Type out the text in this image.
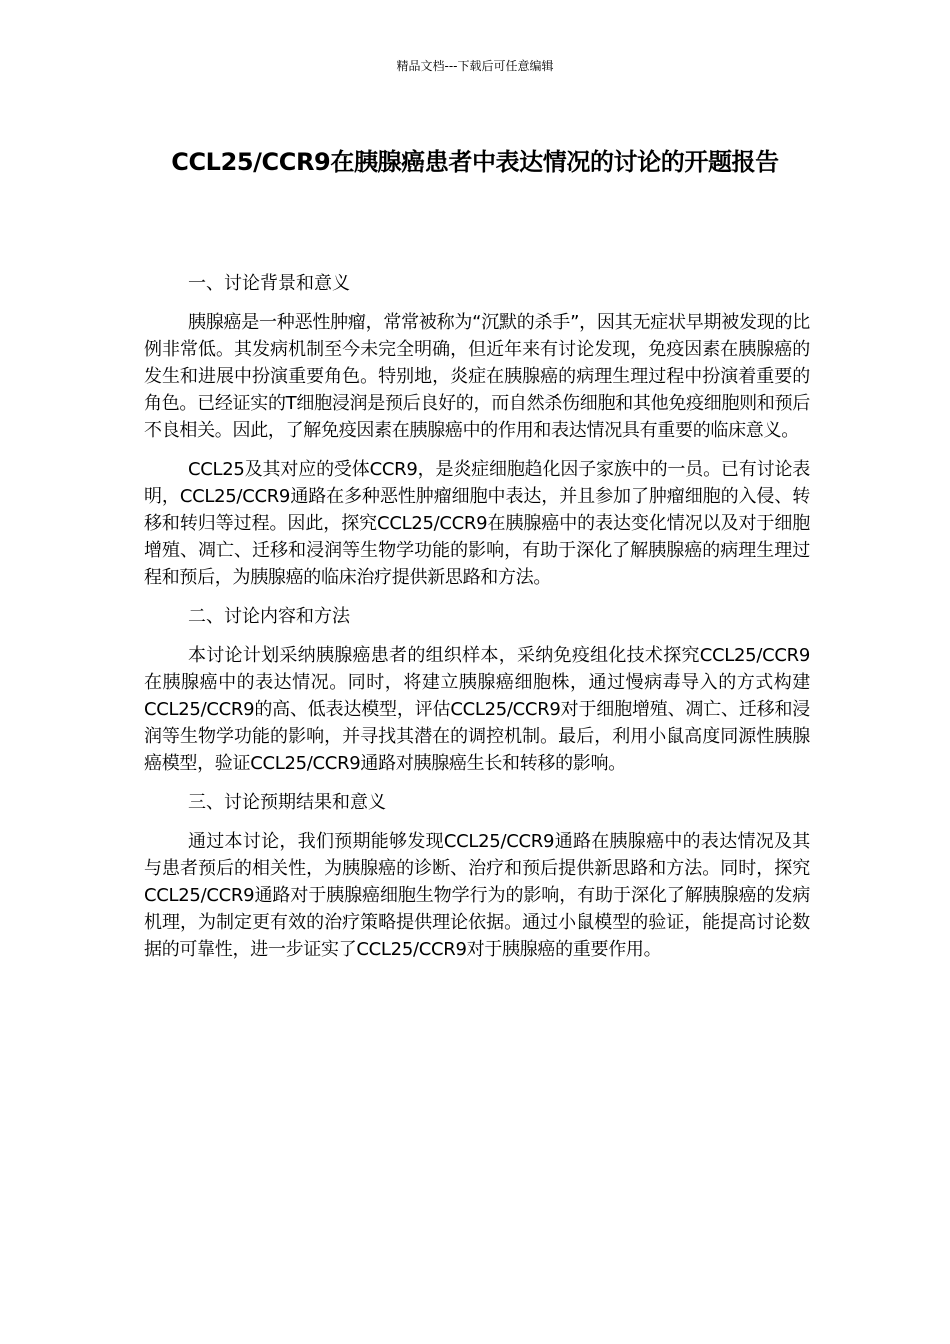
精品文档---下载后可任意编辑
CCL25/CCR9在胰腺癌患者中表达情况的讨论的开题报告

一、讨论背景和意义

胰腺癌是一种恶性肿瘤，常常被称为“沉默的杀手”，因其无症状早期被发现的比例非常低。其发病机制至今未完全明确，但近年来有讨论发现，免疫因素在胰腺癌的发生和进展中扮演重要角色。特别地，炎症在胰腺癌的病理生理过程中扮演着重要的角色。已经证实的T细胞浸润是预后良好的，而自然杀伤细胞和其他免疫细胞则和预后不良相关。因此，了解免疫因素在胰腺癌中的作用和表达情况具有重要的临床意义。

CCL25及其对应的受体CCR9，是炎症细胞趋化因子家族中的一员。已有讨论表明，CCL25/CCR9通路在多种恶性肿瘤细胞中表达，并且参加了肿瘤细胞的入侵、转移和转归等过程。因此，探究CCL25/CCR9在胰腺癌中的表达变化情况以及对于细胞增殖、凋亡、迁移和浸润等生物学功能的影响，有助于深化了解胰腺癌的病理生理过程和预后，为胰腺癌的临床治疗提供新思路和方法。

二、讨论内容和方法

本讨论计划采纳胰腺癌患者的组织样本，采纳免疫组化技术探究CCL25/CCR9在胰腺癌中的表达情况。同时，将建立胰腺癌细胞株，通过慢病毒导入的方式构建CCL25/CCR9的高、低表达模型，评估CCL25/CCR9对于细胞增殖、凋亡、迁移和浸润等生物学功能的影响，并寻找其潜在的调控机制。最后，利用小鼠高度同源性胰腺癌模型，验证CCL25/CCR9通路对胰腺癌生长和转移的影响。

三、讨论预期结果和意义

通过本讨论，我们预期能够发现CCL25/CCR9通路在胰腺癌中的表达情况及其与患者预后的相关性，为胰腺癌的诊断、治疗和预后提供新思路和方法。同时，探究CCL25/CCR9通路对于胰腺癌细胞生物学行为的影响，有助于深化了解胰腺癌的发病机理，为制定更有效的治疗策略提供理论依据。通过小鼠模型的验证，能提高讨论数据的可靠性，进一步证实了CCL25/CCR9对于胰腺癌的重要作用。
